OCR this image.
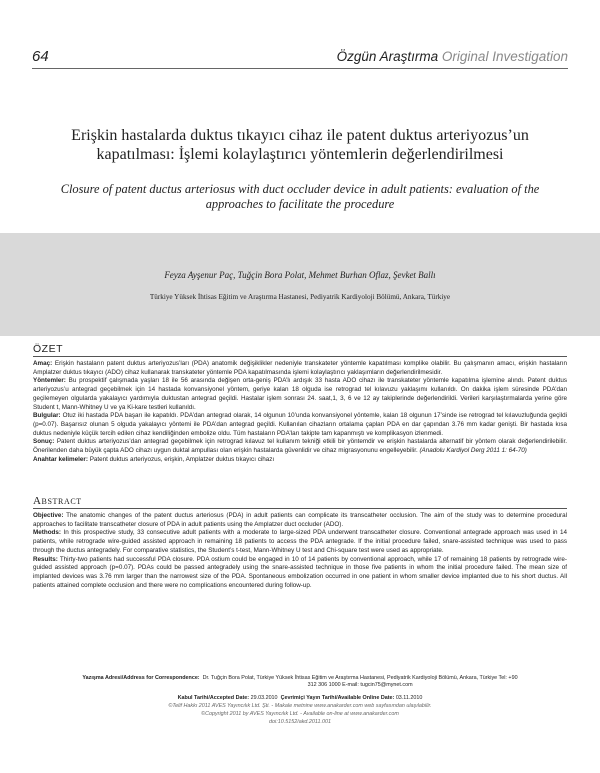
64	Özgün Araştırma Original Investigation
Erişkin hastalarda duktus tıkayıcı cihaz ile patent duktus arteriyozus’un kapatılması: İşlemi kolaylaştırıcı yöntemlerin değerlendirilmesi
Closure of patent ductus arteriosus with duct occluder device in adult patients: evaluation of the approaches to facilitate the procedure
Feyza Ayşenur Paç, Tuğçin Bora Polat, Mehmet Burhan Oflaz, Şevket Ballı
Türkiye Yüksek İhtisas Eğitim ve Araştırma Hastanesi, Pediyatrik Kardiyoloji Bölümü, Ankara, Türkiye
ÖZET

Amaç: Erişkin hastaların patent duktus arteriyozus’ları (PDA) anatomik değişiklikler nedeniyle transkateter yöntemle kapatılması komplike olabilir. Bu çalışmanın amacı, erişkin hastaların Amplatzer duktus tıkayıcı (ADO) cihaz kullanarak transkateter yöntemle PDA kapatılmasında işlemi kolaylaştırıcı yaklaşımların değerlendirilmesidir.

Yöntemler: Bu prospektif çalışmada yaşları 18 ile 56 arasında değişen orta-geniş PDA’lı ardışık 33 hasta ADO cihazı ile transkateter yöntemle kapatılma işlemine alındı. Patent duktus arteriyozus’u antegrad geçebilmek için 14 hastada konvansiyonel yöntem, geriye kalan 18 olguda ise retrograd tel kılavuzu yaklaşımı kullanıldı. On dakika işlem süresinde PDA’dan geçilemeyen olgularda yakalayıcı yardımıyla duktustan antegrad geçildi. Hastalar işlem sonrası 24. saat,1, 3, 6 ve 12 ay takiplerinde değerlendirildi. Verileri karşılaştırmalarda yerine göre Student t, Mann-Whitney U ve ya Ki-kare testleri kullanıldı.

Bulgular: Otuz iki hastada PDA başarı ile kapatıldı. PDA’dan antegrad olarak, 14 olgunun 10’unda konvansiyonel yöntemle, kalan 18 olgunun 17’sinde ise retrograd tel kılavuzluğunda geçildi (p=0.07). Başarısız olunan 5 olguda yakalayıcı yöntemi ile PDA’dan antegrad geçildi. Kullanılan cihazların ortalama çapları PDA en dar çapından 3.76 mm kadar genişti. Bir hastada kısa duktus nedeniyle küçük tercih edilen cihaz kendiliğinden embolize oldu. Tüm hastaların PDA’ları takipte tam kapanmıştı ve komplikasyon izlenmedi.

Sonuç: Patent duktus arteriyozus’dan antegrad geçebilmek için retrograd kılavuz tel kullanım tekniği etkili bir yöntemdir ve erişkin hastalarda alternatif bir yöntem olarak değerlendirilebilir. Önerilenden daha büyük çapta ADO cihazı uygun duktal ampullası olan erişkin hastalarda güvenlidir ve cihaz migrasyonunu engelleyebilir. (Anadolu Kardiyol Derg 2011 1: 64-70)

Anahtar kelimeler: Patent duktus arteriyozus, erişkin, Amplatzer duktus tıkayıcı cihazı

Abstract

Objective: The anatomic changes of the patent ductus arteriosus (PDA) in adult patients can complicate its transcatheter occlusion. The aim of the study was to determine procedural approaches to facilitate transcatheter closure of PDA in adult patients using the Amplatzer duct occluder (ADO).

Methods: In this prospective study, 33 consecutive adult patients with a moderate to large-sized PDA underwent transcatheter closure. Conventional antegrade approach was used in 14 patients, while retrograde wire-guided assisted approach in remaining 18 patients to access the PDA antegrade. If the initial procedure failed, snare-assisted technique was used to pass through the ductus antegradely. For comparative statistics, the Student’s t-test, Mann-Whitney U test and Chi-square test were used as appropriate.

Results: Thirty-two patients had successful PDA closure. PDA ostium could be engaged in 10 of 14 patients by conventional approach, while 17 of remaining 18 patients by retrograde wire-guided assisted approach (p=0.07). PDAs could be passed antegradely using the snare-assisted technique in those five patients in whom the initial procedure failed. The mean size of implanted devices was 3.76 mm larger than the narrowest size of the PDA. Spontaneous embolization occurred in one patient in whom smaller device implanted due to his short ductus. All patients attained complete occlusion and there were no complications encountered during follow-up.

Yazışma Adresi/Address for Correspondence: Dr. Tuğçin Bora Polat, Türkiye Yüksek İhtisas Eğitim ve Araştırma Hastanesi, Pediyatrik Kardiyoloji Bölümü, Ankara, Türkiye Tel: +90 312 306 1000 E-mail: tugcin75@mynet.com
Kabul Tarihi/Accepted Date: 29.03.2010 Çevrimiçi Yayın Tarihi/Available Online Date: 03.11.2010
©Telif Hakkı 2011 AVES Yayıncılık Ltd. Şti. - Makale metnine www.anakarder.com web sayfasından ulaşılabilir.
©Copyright 2011 by AVES Yayıncılık Ltd. - Available on-line at www.anakarder.com
doi:10.5152/akd.2011.001
